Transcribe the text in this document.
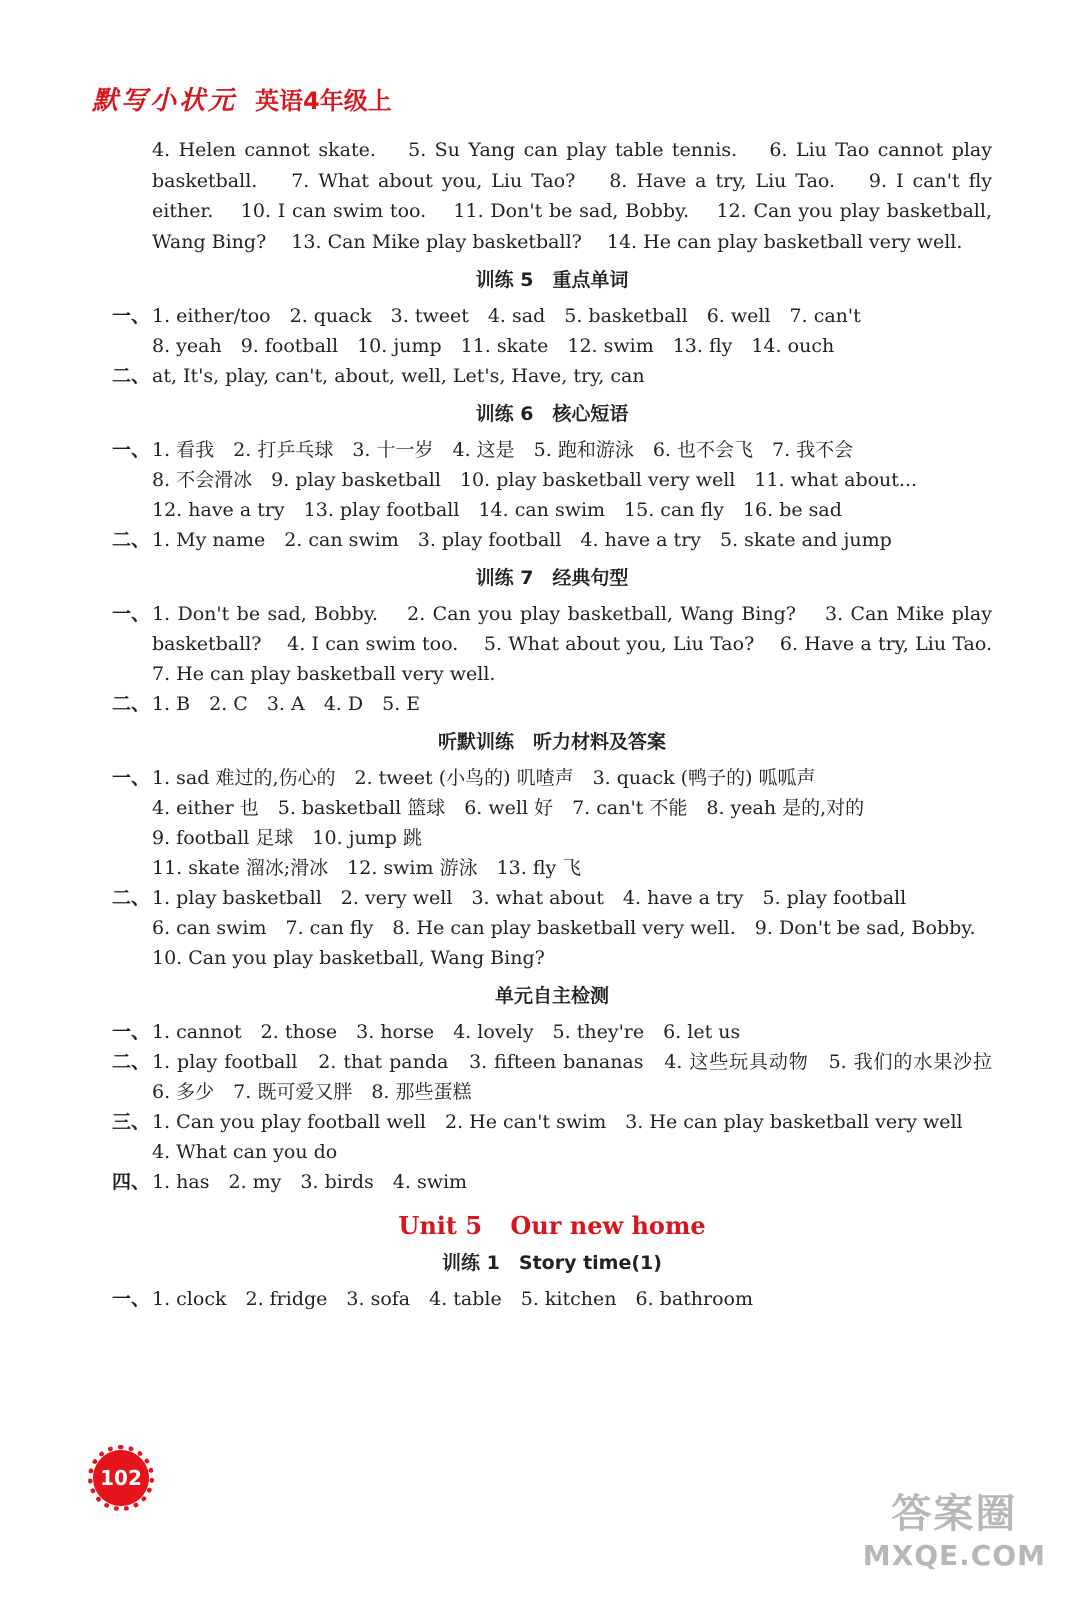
默写小状元 英语4年级上

4. Helen cannot skate.　 5. Su Yang can play table tennis.　 6. Liu Tao cannot play basketball.　 7. What about you, Liu Tao?　 8. Have a try, Liu Tao.　 9. I can't fly either.　 10. I can swim too.　 11. Don't be sad, Bobby.　 12. Can you play basketball, Wang Bing?　 13. Can Mike play basketball?　 14. He can play basketball very well.

训练 5　重点单词
一、 1. either/too　2. quack　3. tweet　4. sad　5. basketball　6. well　7. can't
8. yeah　9. football　10. jump　11. skate　12. swim　13. fly　14. ouch
二、 at, It's, play, can't, about, well, Let's, Have, try, can
训练 6　核心短语
一、 1. 看我　2. 打乒乓球　3. 十一岁　4. 这是　5. 跑和游泳　6. 也不会飞　7. 我不会
8. 不会滑冰　9. play basketball　10. play basketball very well　11. what about...
12. have a try　13. play football　14. can swim　15. can fly　16. be sad
二、 1. My name　2. can swim　3. play football　4. have a try　5. skate and jump
训练 7　经典句型
一、 1. Don't be sad, Bobby.　 2. Can you play basketball, Wang Bing?　 3. Can Mike play basketball?　 4. I can swim too.　 5. What about you, Liu Tao?　 6. Have a try, Liu Tao.　 7. He can play basketball very well.
二、 1. B　2. C　3. A　4. D　5. E
听默训练　听力材料及答案
一、 1. sad 难过的,伤心的　2. tweet (小鸟的) 叽喳声　3. quack (鸭子的) 呱呱声
4. either 也　5. basketball 篮球　6. well 好　7. can't 不能　8. yeah 是的,对的
9. football 足球　10. jump 跳
11. skate 溜冰;滑冰　12. swim 游泳　13. fly 飞
二、 1. play basketball　2. very well　3. what about　4. have a try　5. play football
6. can swim　7. can fly　8. He can play basketball very well.　9. Don't be sad, Bobby.
10. Can you play basketball, Wang Bing?
单元自主检测
一、 1. cannot　2. those　3. horse　4. lovely　5. they're　6. let us
二、 1. play football　2. that panda　3. fifteen bananas　4. 这些玩具动物　5. 我们的水果沙拉　6. 多少　7. 既可爱又胖　8. 那些蛋糕
三、 1. Can you play football well　2. He can't swim　3. He can play basketball very well
4. What can you do
四、 1. has　2. my　3. birds　4. swim
Unit 5 Our new home
训练 1　Story time(1)
一、 1. clock　2. fridge　3. sofa　4. table　5. kitchen　6. bathroom
102
答案圈
MXQE.COM
